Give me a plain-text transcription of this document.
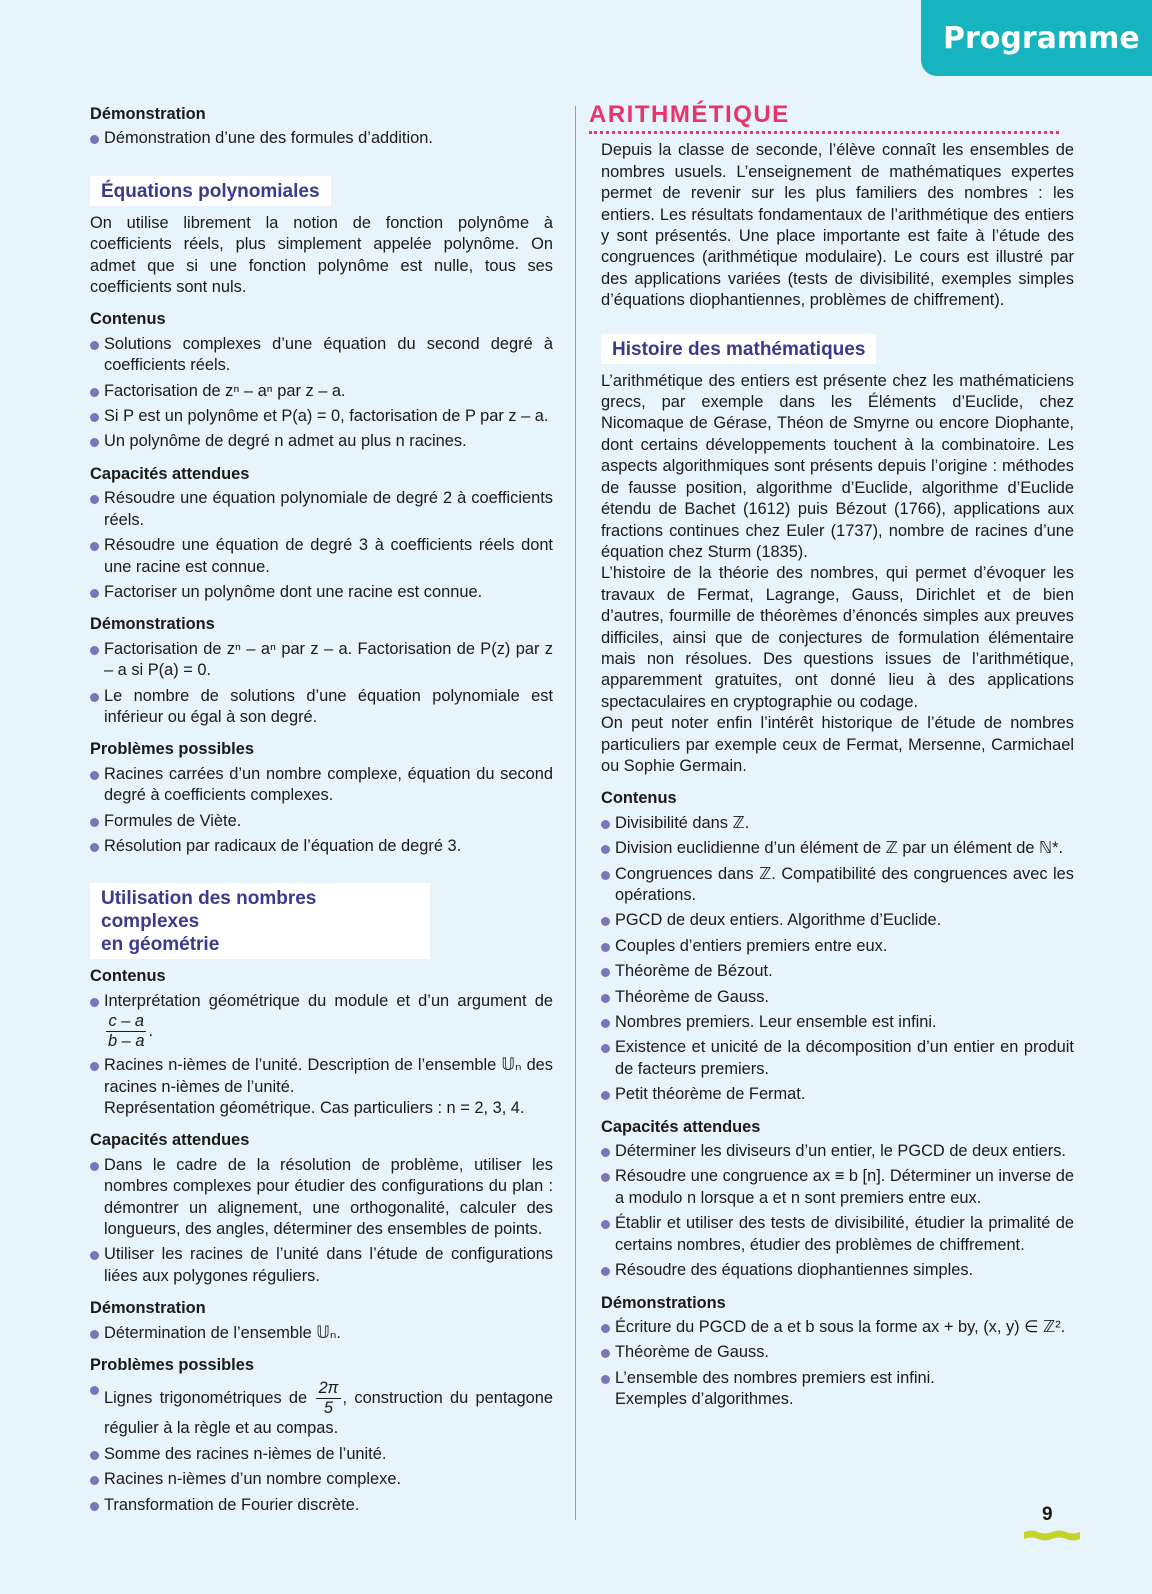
Programme

Démonstration

Démonstration d’une des formules d’addition.
Équations polynomiales

On utilise librement la notion de fonction polynôme à coefficients réels, plus simplement appelée polynôme. On admet que si une fonction polynôme est nulle, tous ses coefficients sont nuls.

Contenus

Solutions complexes d’une équation du second degré à coefficients réels.
Factorisation de zⁿ – aⁿ par z – a.
Si P est un polynôme et P(a) = 0, factorisation de P par z – a.
Un polynôme de degré n admet au plus n racines.

Capacités attendues

Résoudre une équation polynomiale de degré 2 à coefficients réels.
Résoudre une équation de degré 3 à coefficients réels dont une racine est connue.
Factoriser un polynôme dont une racine est connue.

Démonstrations

Factorisation de zⁿ – aⁿ par z – a. Factorisation de P(z) par z – a si P(a) = 0.
Le nombre de solutions d’une équation polynomiale est inférieur ou égal à son degré.

Problèmes possibles

Racines carrées d’un nombre complexe, équation du second degré à coefficients complexes.
Formules de Viète.
Résolution par radicaux de l’équation de degré 3.
Utilisation des nombres complexes
en géométrie

Contenus

Interprétation géométrique du module et d’un argument de
$\frac{c - a}{b - a}$ .
Racines n-ièmes de l’unité. Description de l’ensemble 𝕌ₙ des racines n-ièmes de l’unité.
Représentation géométrique. Cas particuliers : n = 2, 3, 4.

Capacités attendues

Dans le cadre de la résolution de problème, utiliser les nombres complexes pour étudier des configurations du plan : démontrer un alignement, une orthogonalité, calculer des longueurs, des angles, déterminer des ensembles de points.
Utiliser les racines de l’unité dans l’étude de configurations liées aux polygones réguliers.

Démonstration

Détermination de l’ensemble 𝕌ₙ.

Problèmes possibles

Lignes trigonométriques de $\frac{2\pi}{5}$ , construction du pentagone régulier à la règle et au compas.
Somme des racines n-ièmes de l’unité.
Racines n-ièmes d’un nombre complexe.
Transformation de Fourier discrète.
ARITHMÉTIQUE

Depuis la classe de seconde, l’élève connaît les ensembles de nombres usuels. L’enseignement de mathématiques expertes permet de revenir sur les plus familiers des nombres : les entiers. Les résultats fondamentaux de l’arithmétique des entiers y sont présentés. Une place importante est faite à l’étude des congruences (arithmétique modulaire). Le cours est illustré par des applications variées (tests de divisibilité, exemples simples d’équations diophantiennes, problèmes de chiffrement).

Histoire des mathématiques

L’arithmétique des entiers est présente chez les mathématiciens grecs, par exemple dans les Éléments d’Euclide, chez Nicomaque de Gérase, Théon de Smyrne ou encore Diophante, dont certains développements touchent à la combinatoire. Les aspects algorithmiques sont présents depuis l’origine : méthodes de fausse position, algorithme d’Euclide, algorithme d’Euclide étendu de Bachet (1612) puis Bézout (1766), applications aux fractions continues chez Euler (1737), nombre de racines d’une équation chez Sturm (1835).

L’histoire de la théorie des nombres, qui permet d’évoquer les travaux de Fermat, Lagrange, Gauss, Dirichlet et de bien d’autres, fourmille de théorèmes d’énoncés simples aux preuves difficiles, ainsi que de conjectures de formulation élémentaire mais non résolues. Des questions issues de l’arithmétique, apparemment gratuites, ont donné lieu à des applications spectaculaires en cryptographie ou codage.

On peut noter enfin l’intérêt historique de l’étude de nombres particuliers par exemple ceux de Fermat, Mersenne, Carmichael ou Sophie Germain.

Contenus

Divisibilité dans ℤ.
Division euclidienne d’un élément de ℤ par un élément de ℕ*.
Congruences dans ℤ. Compatibilité des congruences avec les opérations.
PGCD de deux entiers. Algorithme d’Euclide.
Couples d’entiers premiers entre eux.
Théorème de Bézout.
Théorème de Gauss.
Nombres premiers. Leur ensemble est infini.
Existence et unicité de la décomposition d’un entier en produit de facteurs premiers.
Petit théorème de Fermat.

Capacités attendues

Déterminer les diviseurs d’un entier, le PGCD de deux entiers.
Résoudre une congruence ax ≡ b [n]. Déterminer un inverse de a modulo n lorsque a et n sont premiers entre eux.
Établir et utiliser des tests de divisibilité, étudier la primalité de certains nombres, étudier des problèmes de chiffrement.
Résoudre des équations diophantiennes simples.

Démonstrations

Écriture du PGCD de a et b sous la forme ax + by, (x, y) ∈ ℤ².
Théorème de Gauss.
L’ensemble des nombres premiers est infini.
Exemples d’algorithmes.
9
